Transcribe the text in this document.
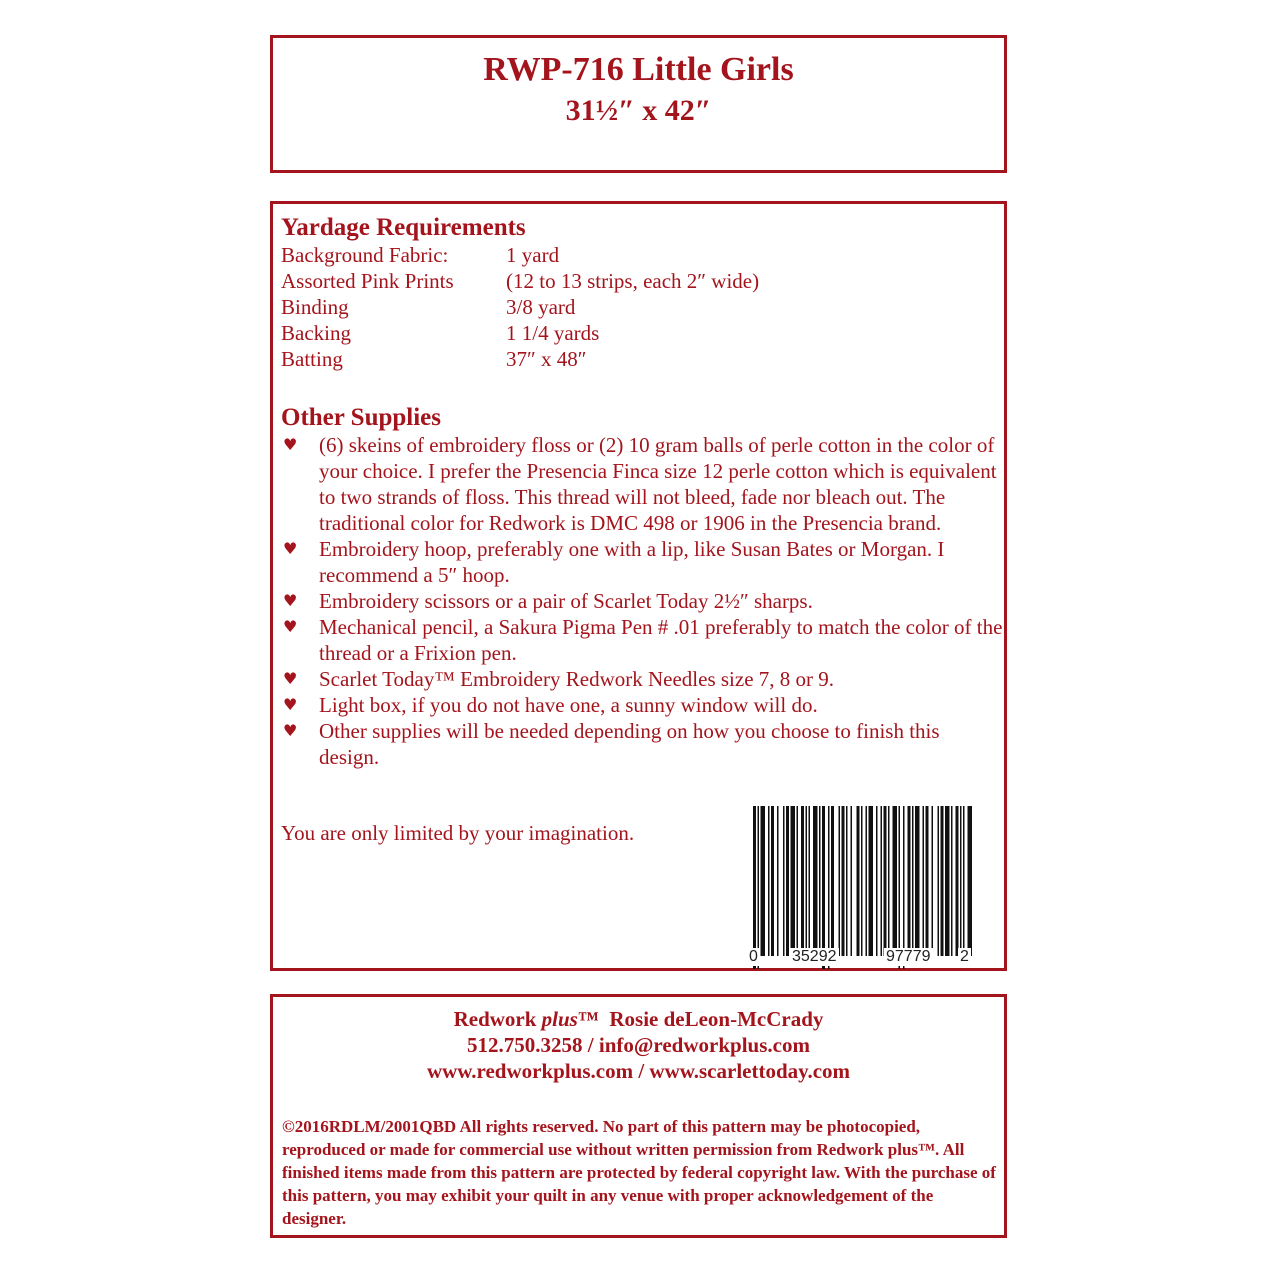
RWP-716 Little Girls
31½″ x 42″
Yardage Requirements
Background Fabric:	1 yard
Assorted Pink Prints (12 to 13 strips, each 2″ wide)
Binding	3/8 yard
Backing	1 1/4 yards
Batting	37″ x 48″
Other Supplies
♥ (6) skeins of embroidery floss or (2) 10 gram balls of perle cotton in the color of your choice. I prefer the Presencia Finca size 12 perle cotton which is equivalent to two strands of floss. This thread will not bleed, fade nor bleach out. The traditional color for Redwork is DMC 498 or 1906 in the Presencia brand.
♥ Embroidery hoop, preferably one with a lip, like Susan Bates or Morgan. I recommend a 5″ hoop.
♥ Embroidery scissors or a pair of Scarlet Today 2½″ sharps.
♥ Mechanical pencil, a Sakura Pigma Pen # .01 preferably to match the color of the thread or a Frixion pen.
♥ Scarlet Today™ Embroidery Redwork Needles size 7, 8 or 9.
♥ Light box, if you do not have one, a sunny window will do.
♥ Other supplies will be needed depending on how you choose to finish this design.
You are only limited by your imagination.
0 35292	97779 2
Redwork plus™ Rosie deLeon-McCrady
512.750.3258 / info@redworkplus.com
www.redworkplus.com / www.scarlettoday.com
©2016RDLM/2001QBD All rights reserved. No part of this pattern may be photocopied, reproduced or made for commercial use without written permission from Redwork plus™. All finished items made from this pattern are protected by federal copyright law. With the purchase of this pattern, you may exhibit your quilt in any venue with proper acknowledgement of the designer.
